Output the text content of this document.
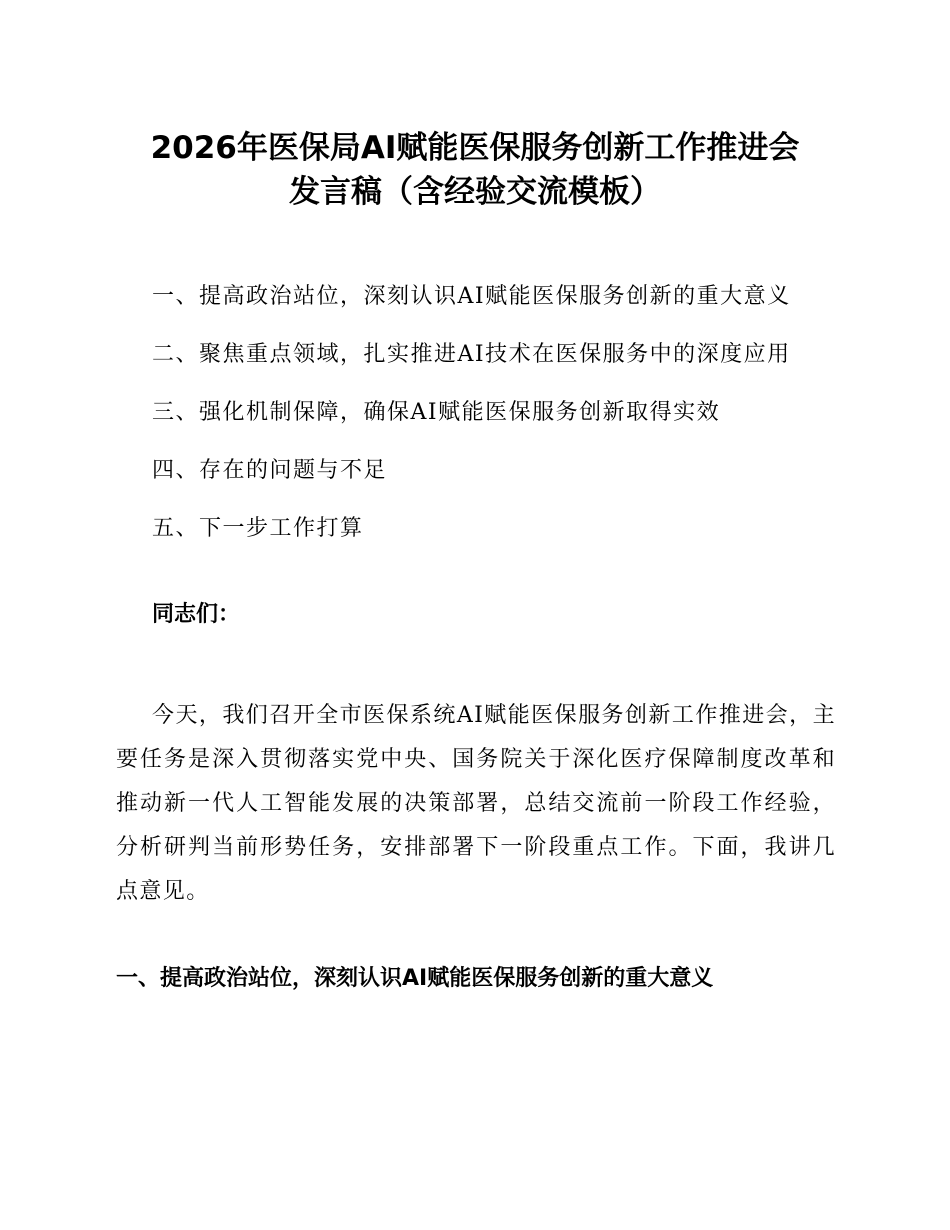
2026年医保局AI赋能医保服务创新工作推进会
发言稿（含经验交流模板）
一、提高政治站位，深刻认识AI赋能医保服务创新的重大意义
二、聚焦重点领域，扎实推进AI技术在医保服务中的深度应用
三、强化机制保障，确保AI赋能医保服务创新取得实效
四、存在的问题与不足
五、下一步工作打算

同志们：

今天，我们召开全市医保系统AI赋能医保服务创新工作推进会，主要任务是深入贯彻落实党中央、国务院关于深化医疗保障制度改革和推动新一代人工智能发展的决策部署，总结交流前一阶段工作经验，分析研判当前形势任务，安排部署下一阶段重点工作。下面，我讲几点意见。

一、提高政治站位，深刻认识AI赋能医保服务创新的重大意义
